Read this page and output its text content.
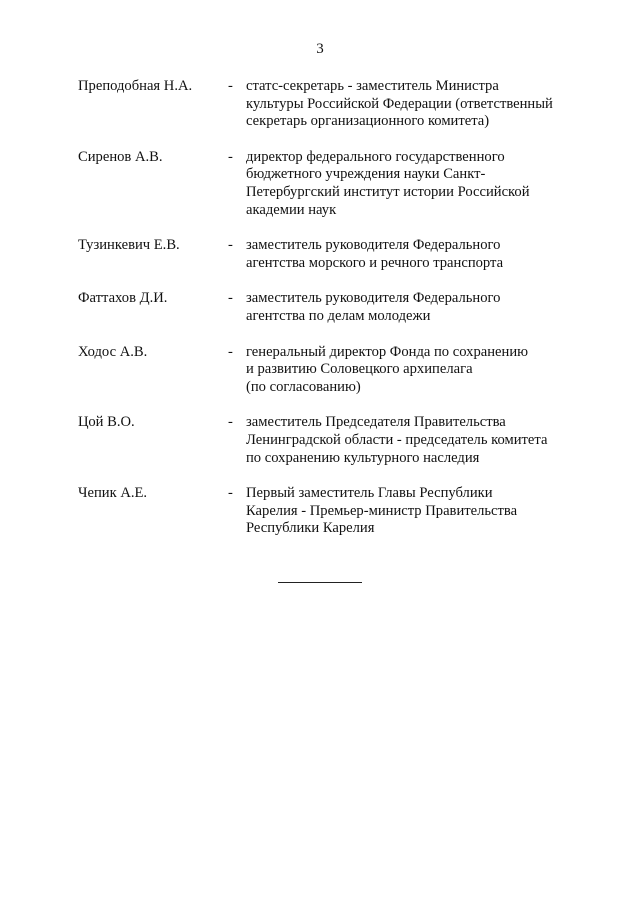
3
Преподобная Н.А.	- статс-секретарь - заместитель Министра
культуры Российской Федерации (ответственный
секретарь организационного комитета)
Сиренов А.В.	- директор федерального государственного
бюджетного учреждения науки Санкт-
Петербургский институт истории Российской
академии наук
Тузинкевич Е.В.	- заместитель руководителя Федерального
агентства морского и речного транспорта
Фаттахов Д.И.	- заместитель руководителя Федерального
агентства по делам молодежи
Ходос А.В.	- генеральный директор Фонда по сохранению
и развитию Соловецкого архипелага
(по согласованию)
Цой В.О.	- заместитель Председателя Правительства
Ленинградской области - председатель комитета
по сохранению культурного наследия
Чепик А.Е.	- Первый заместитель Главы Республики
Карелия - Премьер-министр Правительства
Республики Карелия
